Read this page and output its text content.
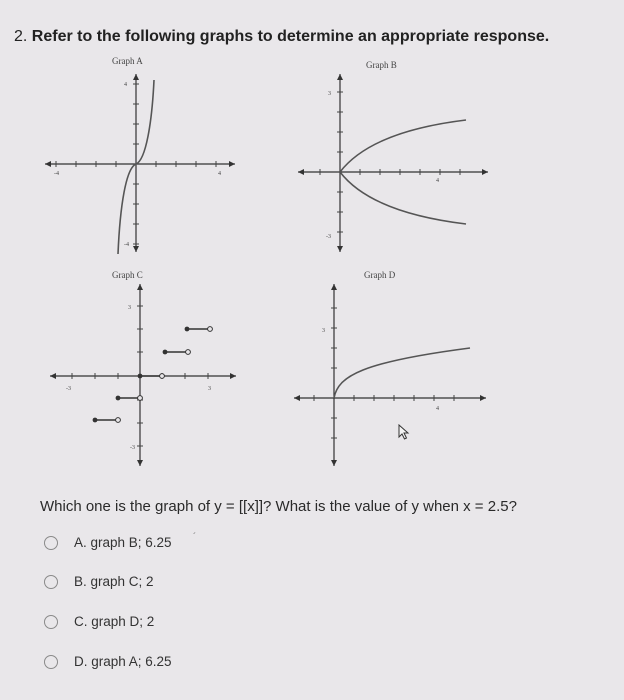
2. Refer to the following graphs to determine an appropriate response.
Graph A
4
-4	4
-4
Graph B
3
4
-3
Graph C
3
-3	3
-3
Graph D
3
4
Which one is the graph of y = [[x]]? What is the value of y when x = 2.5?
A. graph B; 6.25 ´
B. graph C; 2
C. graph D; 2
D. graph A; 6.25
